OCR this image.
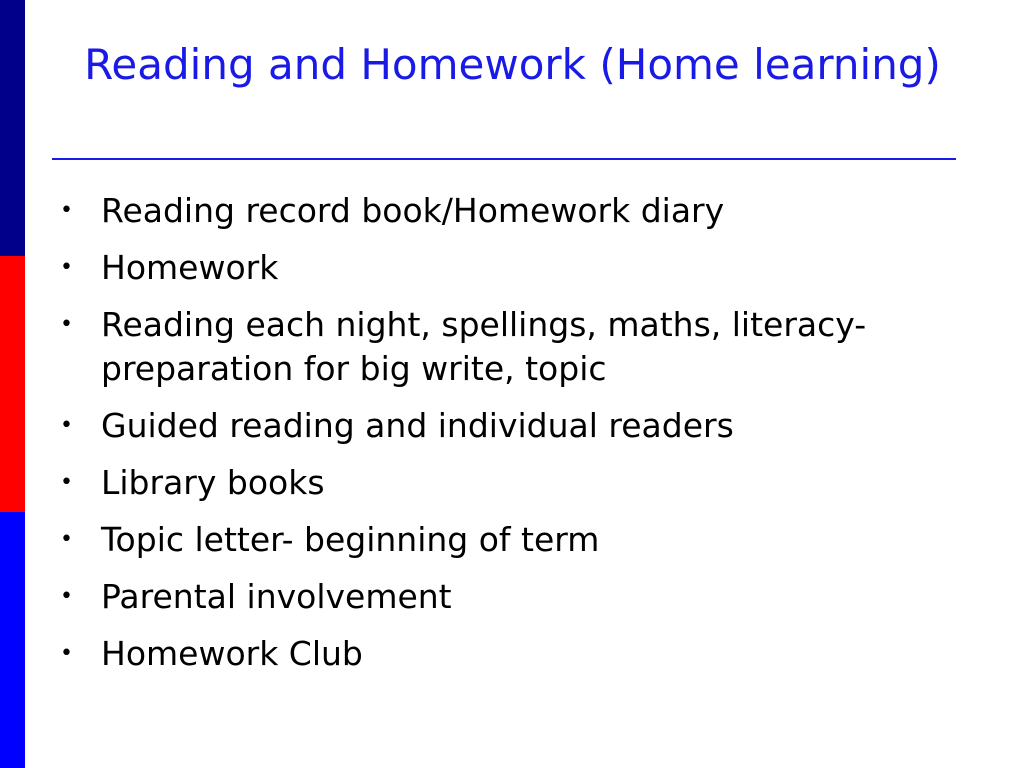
Reading and Homework (Home learning)
• Reading record book/Homework diary
• Homework
• Reading each night, spellings, maths, literacy-preparation for big write, topic
• Guided reading and individual readers
• Library books
• Topic letter- beginning of term
• Parental involvement
• Homework Club
